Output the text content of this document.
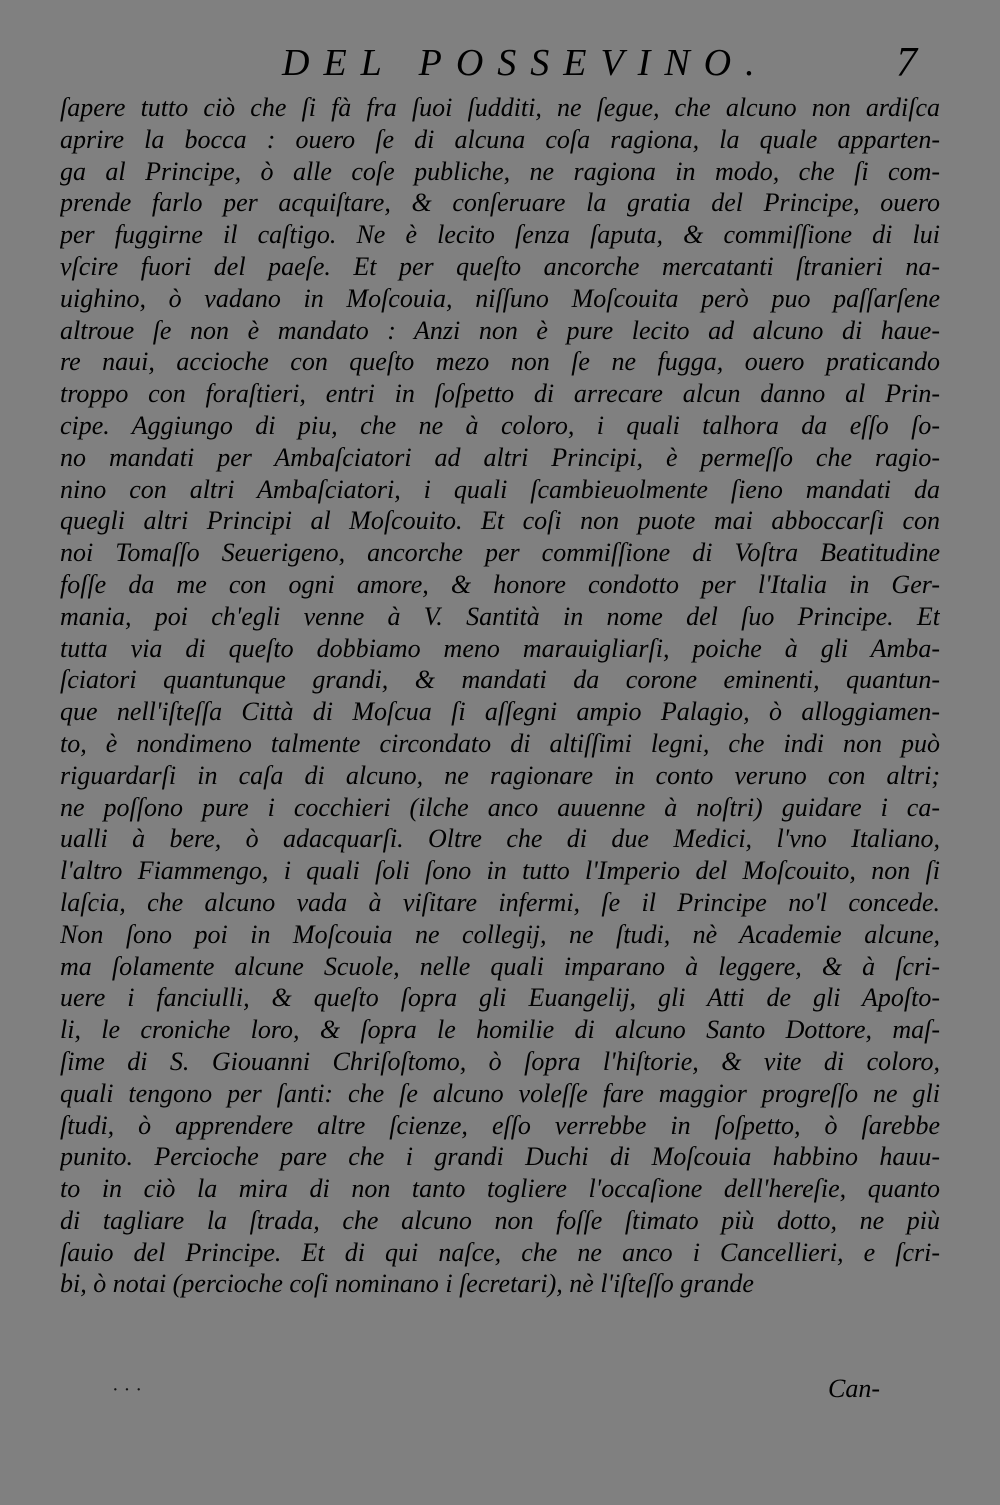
DEL POSSEVINO.	7
ſapere tutto ciò che ſi fà fra ſuoi ſudditi, ne ſegue, che alcuno non ardiſca
aprire la bocca : ouero ſe di alcuna coſa ragiona, la quale apparten-
ga al Principe, ò alle coſe publiche, ne ragiona in modo, che ſi com-
prende farlo per acquiſtare, & conſeruare la gratia del Principe, ouero
per fuggirne il caſtigo. Ne è lecito ſenza ſaputa, & commiſſione di lui
vſcire fuori del paeſe. Et per queſto ancorche mercatanti ſtranieri na-
uighino, ò vadano in Moſcouia, niſſuno Moſcouita però puo paſſarſene
altroue ſe non è mandato : Anzi non è pure lecito ad alcuno di haue-
re naui, accioche con queſto mezo non ſe ne fugga, ouero praticando
troppo con foraſtieri, entri in ſoſpetto di arrecare alcun danno al Prin-
cipe. Aggiungo di piu, che ne à coloro, i quali talhora da eſſo ſo-
no mandati per Ambaſciatori ad altri Principi, è permeſſo che ragio-
nino con altri Ambaſciatori, i quali ſcambieuolmente ſieno mandati da
quegli altri Principi al Moſcouito. Et coſi non puote mai abboccarſi con
noi Tomaſſo Seuerigeno, ancorche per commiſſione di Voſtra Beatitudine
foſſe da me con ogni amore, & honore condotto per l'Italia in Ger-
mania, poi ch'egli venne à V. Santità in nome del ſuo Principe. Et
tutta via di queſto dobbiamo meno marauigliarſi, poiche à gli Amba-
ſciatori quantunque grandi, & mandati da corone eminenti, quantun-
que nell'iſteſſa Città di Moſcua ſi aſſegni ampio Palagio, ò alloggiamen-
to, è nondimeno talmente circondato di altiſſimi legni, che indi non può
riguardarſi in caſa di alcuno, ne ragionare in conto veruno con altri;
ne poſſono pure i cocchieri (ilche anco auuenne à noſtri) guidare i ca-
ualli à bere, ò adacquarſi. Oltre che di due Medici, l'vno Italiano,
l'altro Fiammengo, i quali ſoli ſono in tutto l'Imperio del Moſcouito, non ſi
laſcia, che alcuno vada à viſitare infermi, ſe il Principe no'l concede.
Non ſono poi in Moſcouia ne collegij, ne ſtudi, nè Academie alcune,
ma ſolamente alcune Scuole, nelle quali imparano à leggere, & à ſcri-
uere i fanciulli, & queſto ſopra gli Euangelij, gli Atti de gli Apoſto-
li, le croniche loro, & ſopra le homilie di alcuno Santo Dottore, maſ-
ſime di S. Giouanni Chriſoſtomo, ò ſopra l'hiſtorie, & vite di coloro,
quali tengono per ſanti: che ſe alcuno voleſſe fare maggior progreſſo ne gli
ſtudi, ò apprendere altre ſcienze, eſſo verrebbe in ſoſpetto, ò ſarebbe
punito. Percioche pare che i grandi Duchi di Moſcouia habbino hauu-
to in ciò la mira di non tanto togliere l'occaſione dell'hereſie, quanto
di tagliare la ſtrada, che alcuno non foſſe ſtimato più dotto, ne più
ſauio del Principe. Et di qui naſce, che ne anco i Cancellieri, e ſcri-
bi, ò notai (percioche coſi nominano i ſecretari), nè l'iſteſſo grande
· · ·	Can-
